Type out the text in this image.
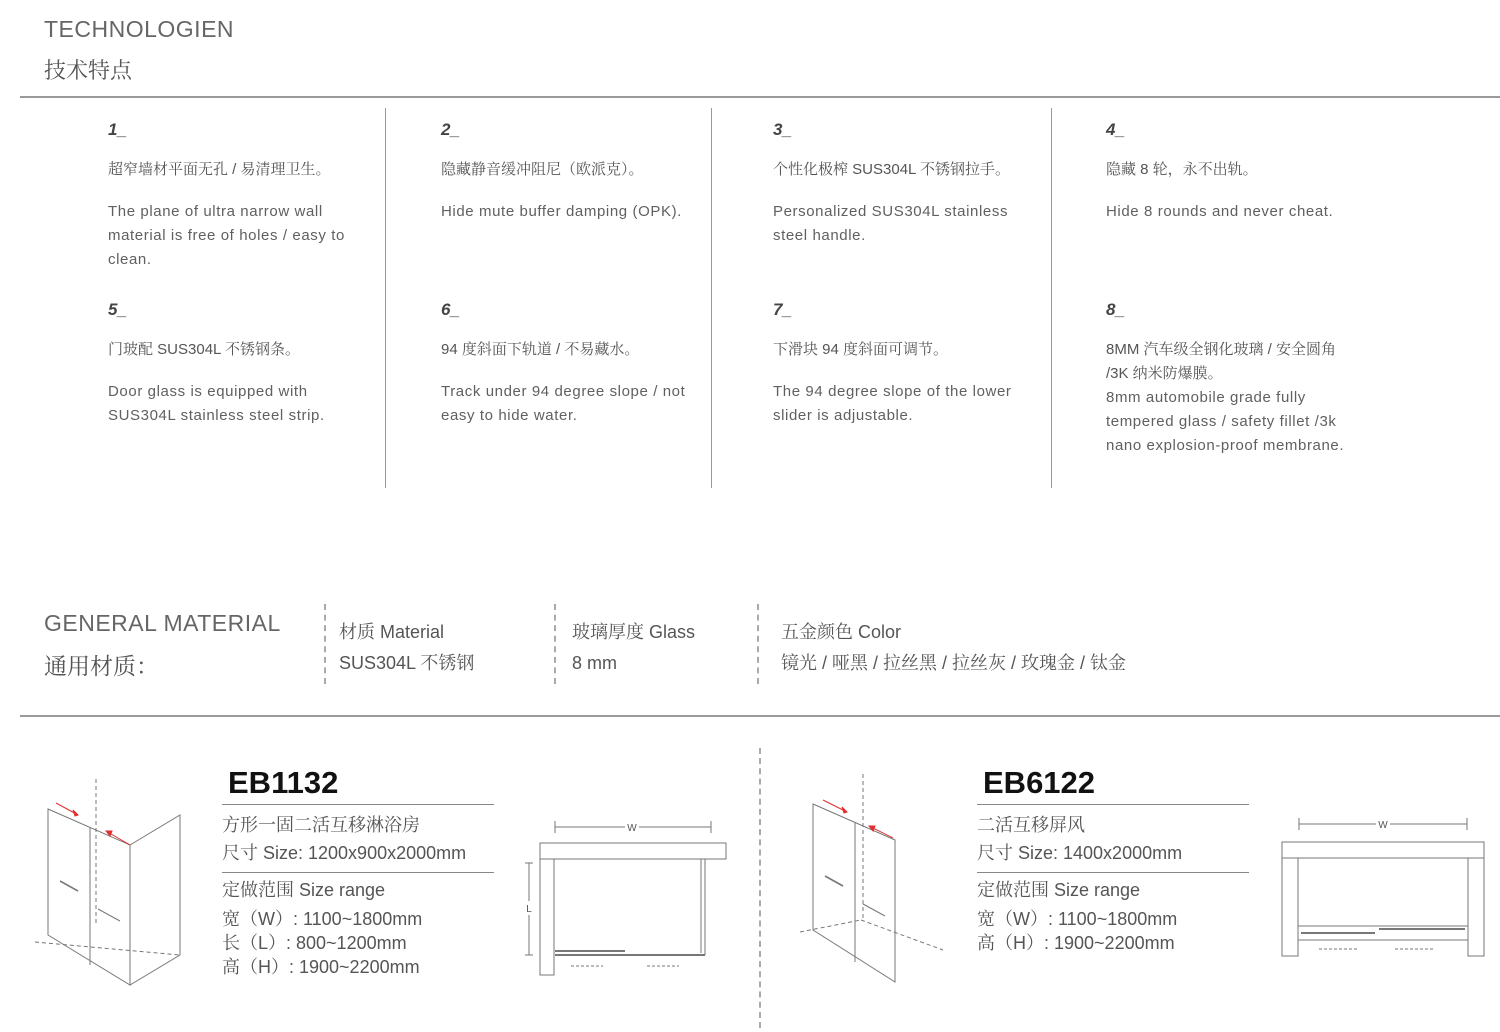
TECHNOLOGIEN
技术特点
1_
超窄墙材平面无孔 / 易清理卫生。
The plane of ultra narrow wall material is free of holes / easy to clean.
2_
隐藏静音缓冲阻尼（欧派克）。
Hide mute buffer damping (OPK).
3_
个性化极榨 SUS304L 不锈钢拉手。
Personalized SUS304L stainless steel handle.
4_
隐藏 8 轮，永不出轨。
Hide 8 rounds and never cheat.
5_
门玻配 SUS304L 不锈钢条。
Door glass is equipped with SUS304L stainless steel strip.
6_
94 度斜面下轨道 / 不易藏水。
Track under 94 degree slope / not easy to hide water.
7_
下滑块 94 度斜面可调节。
The 94 degree slope of the lower slider is adjustable.
8_
8MM 汽车级全钢化玻璃 / 安全圆角 /3K 纳米防爆膜。
8mm automobile grade fully tempered glass / safety fillet /3k nano explosion-proof membrane.
GENERAL MATERIAL
通用材质：
材质 Material
SUS304L 不锈钢
玻璃厚度 Glass
8 mm
五金颜色 Color
镜光 / 哑黑 / 拉丝黑 / 拉丝灰 / 玫瑰金 / 钛金
EB1132
方形一固二活互移淋浴房
尺寸 Size: 1200x900x2000mm
定做范围 Size range
宽（W）: 1100~1800mm
长（L）: 800~1200mm
高（H）: 1900~2200mm
W
L
EB6122
二活互移屏风
尺寸 Size: 1400x2000mm
定做范围 Size range
宽（W）: 1100~1800mm
高（H）: 1900~2200mm
W
